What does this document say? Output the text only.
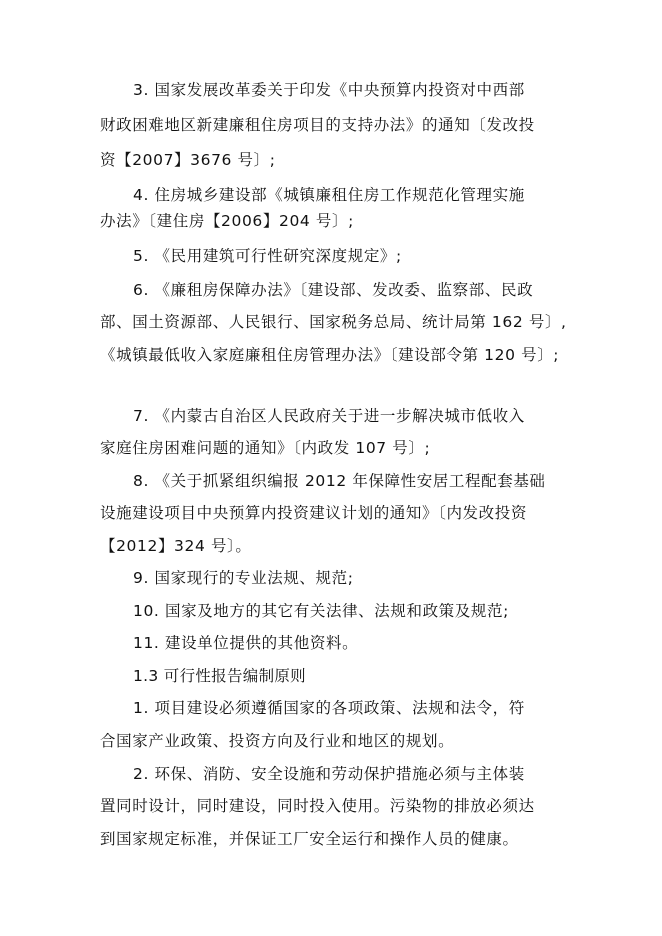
3. 国家发展改革委关于印发《中央预算内投资对中西部
财政困难地区新建廉租住房项目的支持办法》的通知〔发改投
资【2007】3676 号〕;
4. 住房城乡建设部《城镇廉租住房工作规范化管理实施
办法》〔建住房【2006】204 号〕;
5. 《民用建筑可行性研究深度规定》;
6. 《廉租房保障办法》〔建设部、发改委、监察部、民政
部、国土资源部、人民银行、国家税务总局、统计局第 162 号〕,
《城镇最低收入家庭廉租住房管理办法》〔建设部令第 120 号〕;
7. 《内蒙古自治区人民政府关于进一步解决城市低收入
家庭住房困难问题的通知》〔内政发 107 号〕;
8. 《关于抓紧组织编报 2012 年保障性安居工程配套基础
设施建设项目中央预算内投资建议计划的通知》〔内发改投资
【2012】324 号〕。
9. 国家现行的专业法规、规范;
10. 国家及地方的其它有关法律、法规和政策及规范;
11. 建设单位提供的其他资料。
1.3 可行性报告编制原则
1. 项目建设必须遵循国家的各项政策、法规和法令，符
合国家产业政策、投资方向及行业和地区的规划。
2. 环保、消防、安全设施和劳动保护措施必须与主体装
置同时设计，同时建设，同时投入使用。污染物的排放必须达
到国家规定标准，并保证工厂安全运行和操作人员的健康。
